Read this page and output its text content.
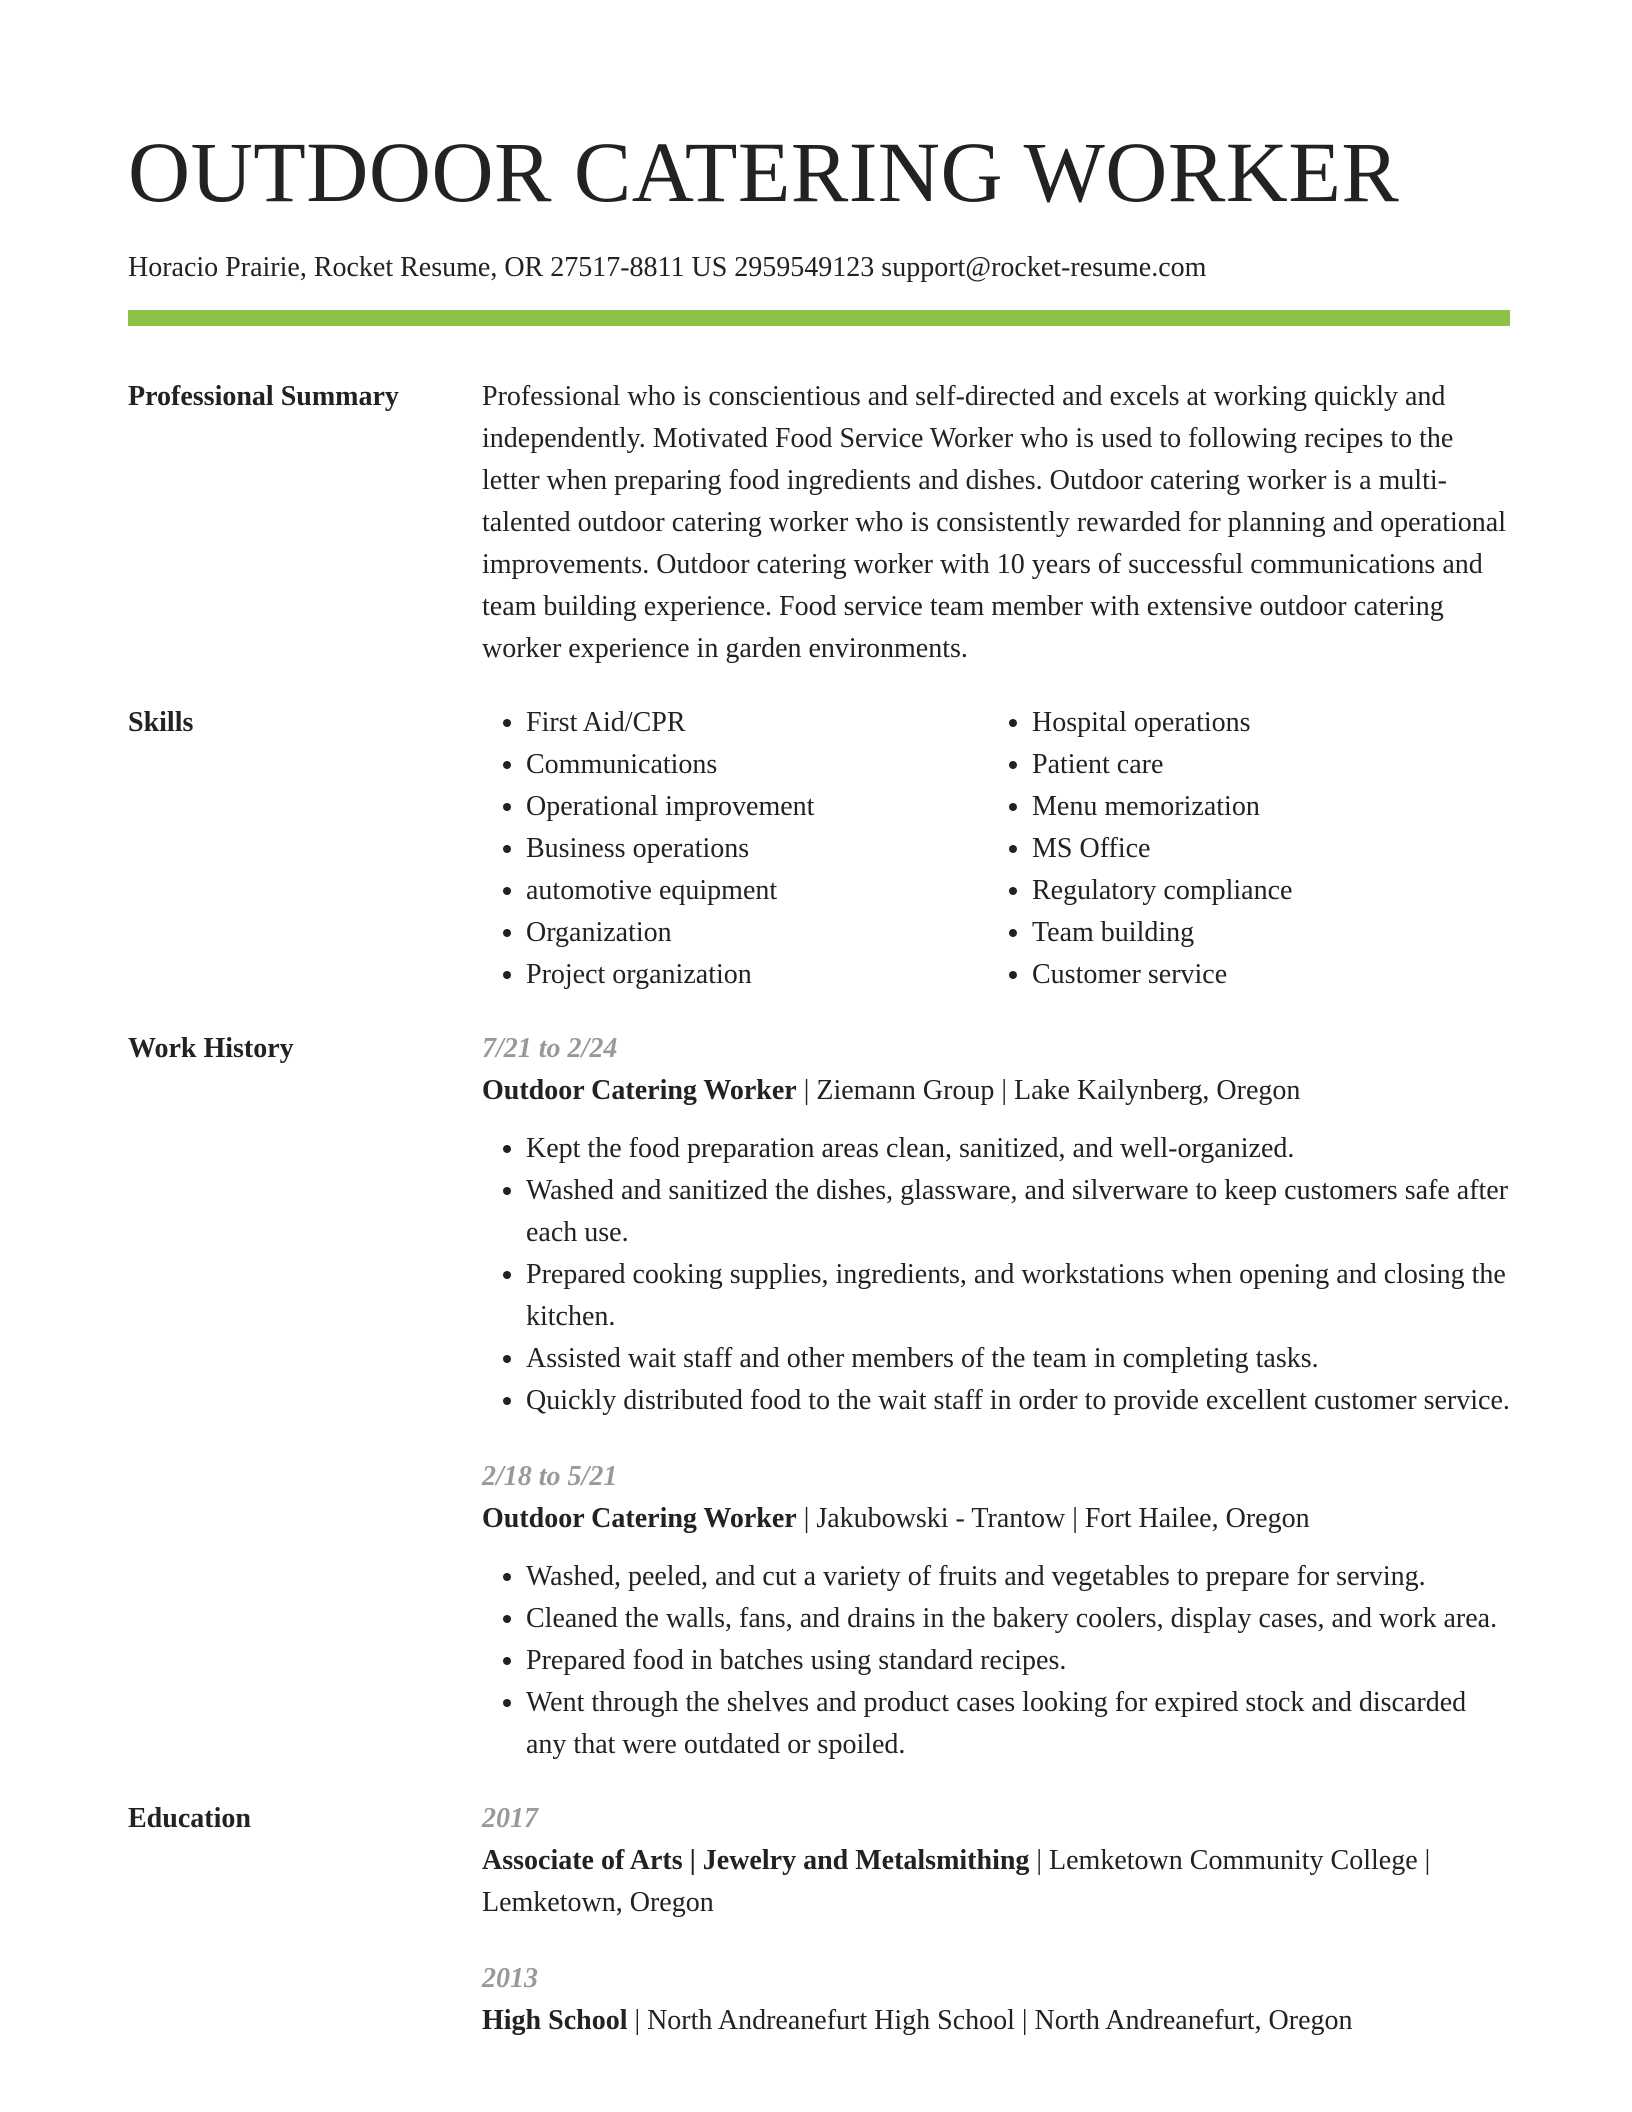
OUTDOOR CATERING WORKER
Horacio Prairie, Rocket Resume, OR 27517-8811 US 2959549123 support@rocket-resume.com
Professional Summary	Professional who is conscientious and self-directed and excels at working quickly and independently. Motivated Food Service Worker who is used to following recipes to the letter when preparing food ingredients and dishes. Outdoor catering worker is a multi-talented outdoor catering worker who is consistently rewarded for planning and operational improvements. Outdoor catering worker with 10 years of successful communications and team building experience. Food service team member with extensive outdoor catering worker experience in garden environments.
Skills
•	First Aid/CPR
• Communications
• Operational improvement
• Business operations
• automotive equipment
• Organization
• Project organization
• Hospital operations
• Patient care
• Menu memorization
• MS Office
• Regulatory compliance
• Team building
• Customer service
Work History	7/21 to 2/24
Outdoor Catering Worker | Ziemann Group | Lake Kailynberg, Oregon
• Kept the food preparation areas clean, sanitized, and well-organized.
• Washed and sanitized the dishes, glassware, and silverware to keep customers safe after each use.
• Prepared cooking supplies, ingredients, and workstations when opening and closing the kitchen.
• Assisted wait staff and other members of the team in completing tasks.
• Quickly distributed food to the wait staff in order to provide excellent customer service.
2/18 to 5/21
Outdoor Catering Worker | Jakubowski - Trantow | Fort Hailee, Oregon
• Washed, peeled, and cut a variety of fruits and vegetables to prepare for serving.
• Cleaned the walls, fans, and drains in the bakery coolers, display cases, and work area.
• Prepared food in batches using standard recipes.
• Went through the shelves and product cases looking for expired stock and discarded any that were outdated or spoiled.
Education	2017
Associate of Arts | Jewelry and Metalsmithing | Lemketown Community College | Lemketown, Oregon
2013
High School | North Andreanefurt High School | North Andreanefurt, Oregon
